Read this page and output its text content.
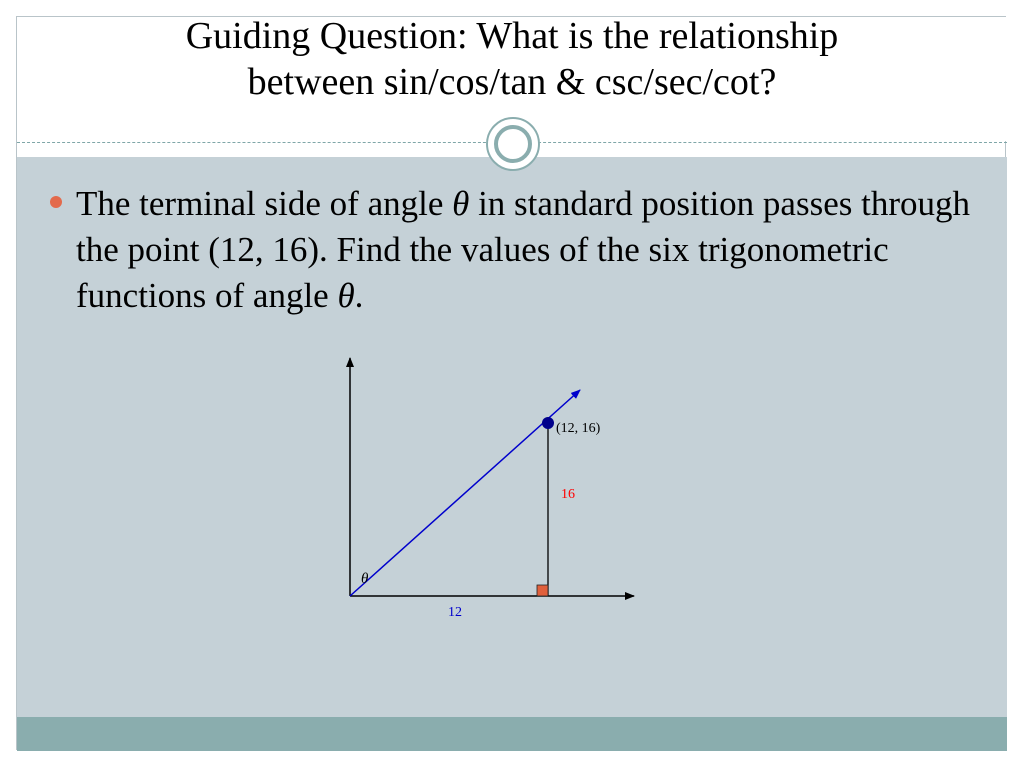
Guiding Question: What is the relationship
between sin/cos/tan & csc/sec/cot?
The terminal side of angle θ in standard position passes through the point (12, 16). Find the values of the six trigonometric functions of angle θ.
(12, 16)
16
12
θ
